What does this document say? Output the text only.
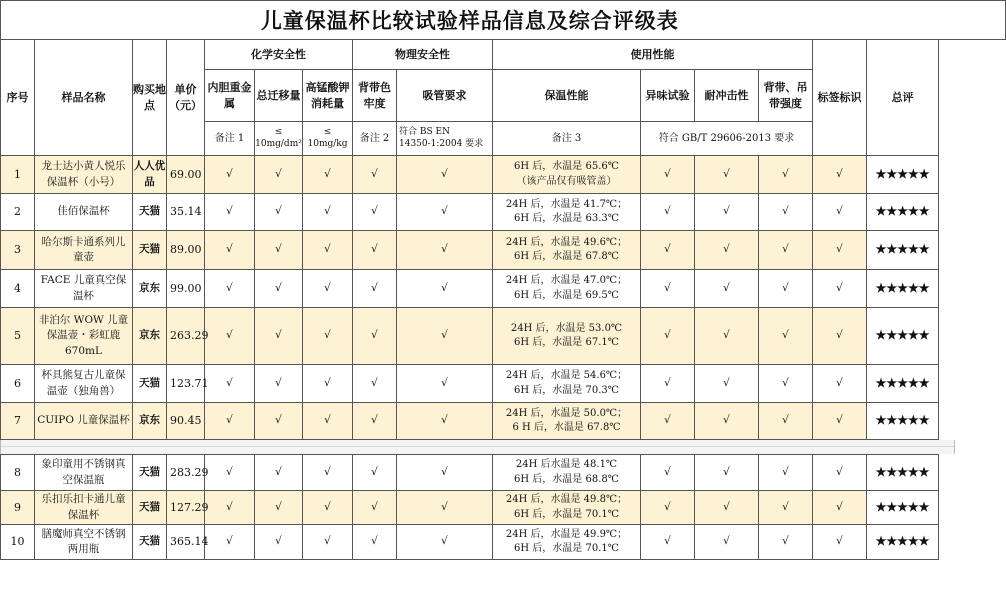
儿童保温杯比较试验样品信息及综合评级表															
序号	样品名称	购买地点	单价（元）	化学安全性			物理安全性		使用性能				标签标识	总评	
				内胆重金属	总迁移量	高锰酸钾消耗量	背带色牢度	吸管要求	保温性能	异味试验	耐冲击性	背带、吊带强度			
				备注 1	≤
10mg/dm²	≤
10mg/kg	备注 2	符合 BS EN
14350-1:2004 要求	备注 3	符合 GB/T 29606-2013 要求					
1	龙士达小黄人悦乐保温杯（小号）	人人优品	69.00	√	√	√	√	√	6H 后，水温是 65.6℃
（该产品仅有吸管盖）	√	√	√	√	★★★★★	
2	佳佰保温杯	天猫	35.14	√	√	√	√	√	24H 后，水温是 41.7℃；
6H 后，水温是 63.3℃	√	√	√	√	★★★★★	
3	哈尔斯卡通系列儿童壶	天猫	89.00	√	√	√	√	√	24H 后，水温是 49.6℃；
6H 后，水温是 67.8℃	√	√	√	√	★★★★★	
4	FACE 儿童真空保温杯	京东	99.00	√	√	√	√	√	24H 后，水温是 47.0℃；
6H 后，水温是 69.5℃	√	√	√	√	★★★★★	
5	非泊尔 WOW 儿童保温壶・彩虹鹿 670mL	京东	263.29	√	√	√	√	√	24H 后，水温是 53.0℃
6H 后，水温是 67.1℃	√	√	√	√	★★★★★	
6	杯具熊复古儿童保温壶（独角兽）	天猫	123.71	√	√	√	√	√	24H 后，水温是 54.6℃；
6H 后，水温是 70.3℃	√	√	√	√	★★★★★	
7	CUIPO 儿童保温杯	京东	90.45	√	√	√	√	√	24H 后，水温是 50.0℃；
6 H 后，水温是 67.8℃	√	√	√	√	★★★★★	
8	象印童用不锈钢真空保温瓶	天猫	283.29	√	√	√	√	√	24H 后水温是 48.1℃
6H 后，水温是 68.8℃	√	√	√	√	★★★★★
9	乐扣乐扣卡通儿童保温杯	天猫	127.29	√	√	√	√	√	24H 后，水温是 49.8℃；
6H 后，水温是 70.1℃	√	√	√	√	★★★★★
10	膳魔师真空不锈钢两用瓶	天猫	365.14	√	√	√	√	√	24H 后，水温是 49.9℃；
6H 后，水温是 70.1℃	√	√	√	√	★★★★★
